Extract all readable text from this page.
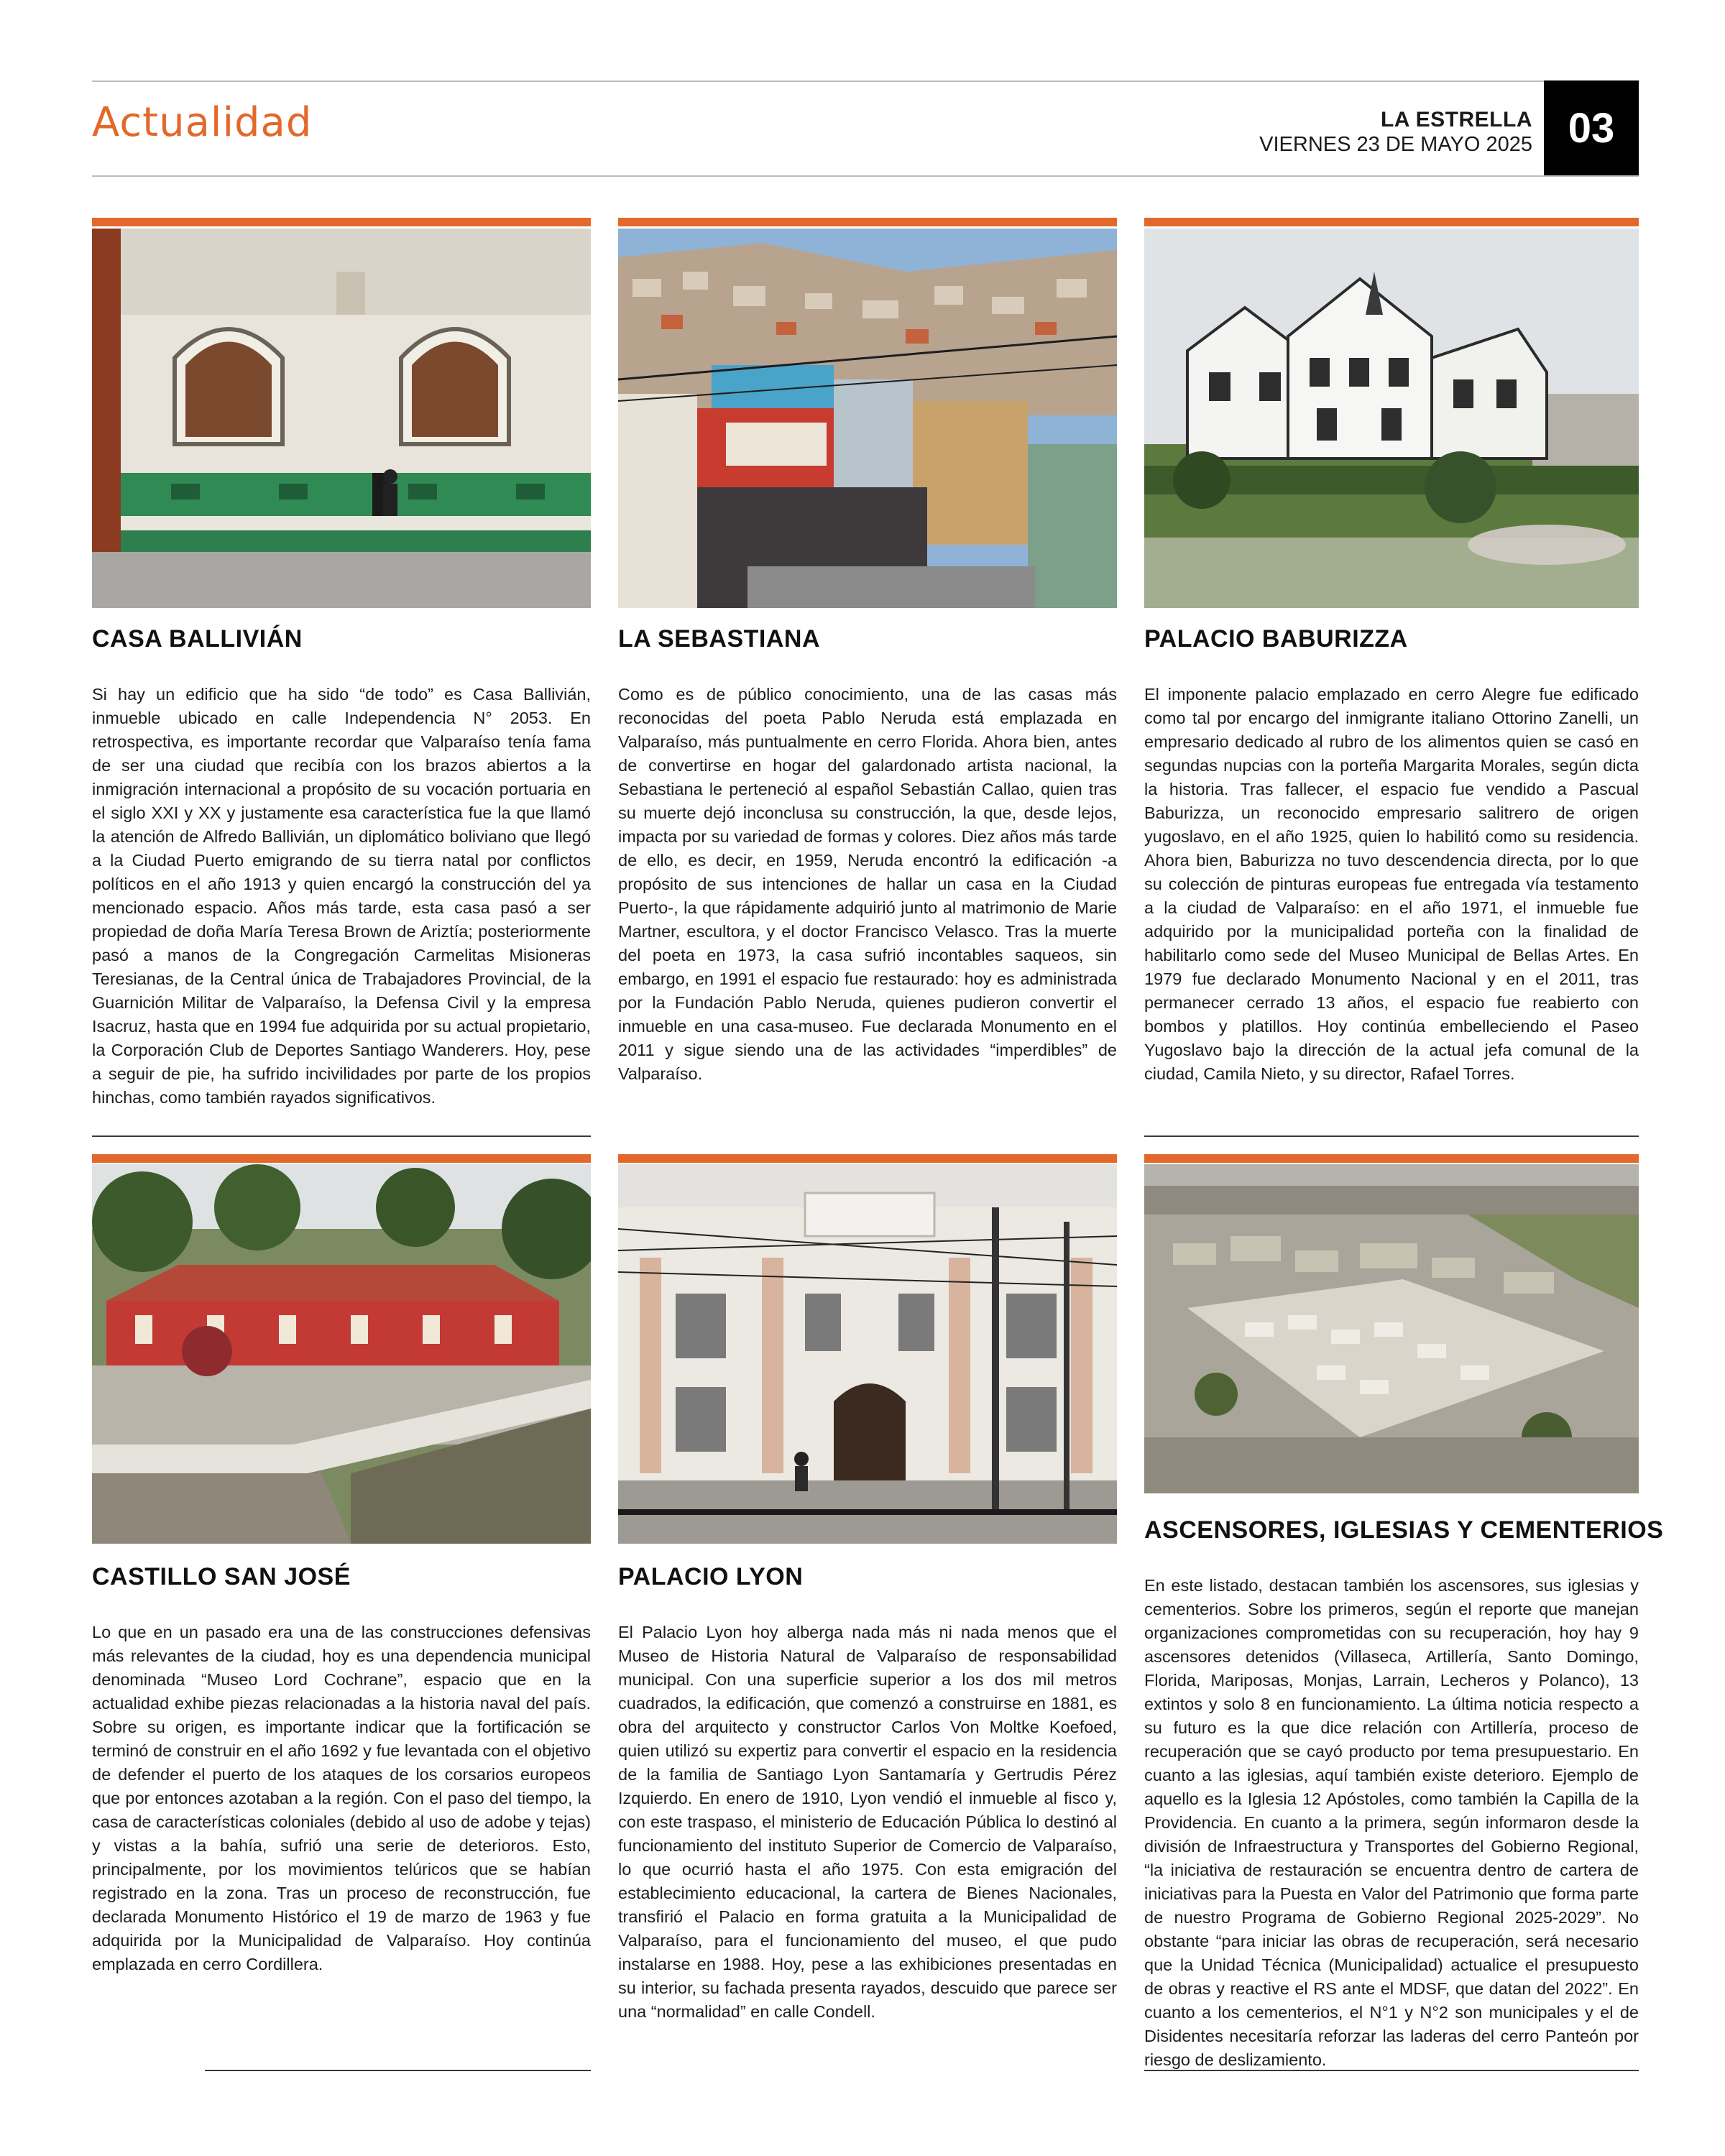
Actualidad	LA ESTRELLA
VIERNES 23 DE MAYO 2025 03
CASA BALLIVIÁN
Si hay un edificio que ha sido “de todo” es Casa Ballivián, inmueble ubicado en calle Independencia N° 2053. En retrospectiva, es importante recordar que Valparaíso tenía fama de ser una ciudad que recibía con los brazos abiertos a la inmigración internacional a propósito de su vocación portuaria en el siglo XXI y XX y justamente esa característica fue la que llamó la atención de Alfredo Ballivián, un diplomático boliviano que llegó a la Ciudad Puerto emigrando de su tierra natal por conflictos políticos en el año 1913 y quien encargó la construcción del ya mencionado espacio. Años más tarde, esta casa pasó a ser propiedad de doña María Teresa Brown de Ariztía; posteriormente pasó a manos de la Congregación Carmelitas Misioneras Teresianas, de la Central única de Trabajadores Provincial, de la Guarnición Militar de Valparaíso, la Defensa Civil y la empresa Isacruz, hasta que en 1994 fue adquirida por su actual propietario, la Corporación Club de Deportes Santiago Wanderers. Hoy, pese a seguir de pie, ha sufrido incivilidades por parte de los propios hinchas, como también rayados significativos.
LA SEBASTIANA
Como es de público conocimiento, una de las casas más reconocidas del poeta Pablo Neruda está emplazada en Valparaíso, más puntualmente en cerro Florida. Ahora bien, antes de convertirse en hogar del galardonado artista nacional, la Sebastiana le perteneció al español Sebastián Callao, quien tras su muerte dejó inconclusa su construcción, la que, desde lejos, impacta por su variedad de formas y colores. Diez años más tarde de ello, es decir, en 1959, Neruda encontró la edificación -a propósito de sus intenciones de hallar un casa en la Ciudad Puerto-, la que rápidamente adquirió junto al matrimonio de Marie Martner, escultora, y el doctor Francisco Velasco. Tras la muerte del poeta en 1973, la casa sufrió incontables saqueos, sin embargo, en 1991 el espacio fue restaurado: hoy es administrada por la Fundación Pablo Neruda, quienes pudieron convertir el inmueble en una casa-museo. Fue declarada Monumento en el 2011 y sigue siendo una de las actividades “imperdibles” de Valparaíso.
PALACIO BABURIZZA
El imponente palacio emplazado en cerro Alegre fue edificado como tal por encargo del inmigrante italiano Ottorino Zanelli, un empresario dedicado al rubro de los alimentos quien se casó en segundas nupcias con la porteña Margarita Morales, según dicta la historia. Tras fallecer, el espacio fue vendido a Pascual Baburizza, un reconocido empresario salitrero de origen yugoslavo, en el año 1925, quien lo habilitó como su residencia. Ahora bien, Baburizza no tuvo descendencia directa, por lo que su colección de pinturas europeas fue entregada vía testamento a la ciudad de Valparaíso: en el año 1971, el inmueble fue adquirido por la municipalidad porteña con la finalidad de habilitarlo como sede del Museo Municipal de Bellas Artes. En 1979 fue declarado Monumento Nacional y en el 2011, tras permanecer cerrado 13 años, el espacio fue reabierto con bombos y platillos. Hoy continúa embelleciendo el Paseo Yugoslavo bajo la dirección de la actual jefa comunal de la ciudad, Camila Nieto, y su director, Rafael Torres.
CASTILLO SAN JOSÉ
Lo que en un pasado era una de las construcciones defensivas más relevantes de la ciudad, hoy es una dependencia municipal denominada “Museo Lord Cochrane”, espacio que en la actualidad exhibe piezas relacionadas a la historia naval del país. Sobre su origen, es importante indicar que la fortificación se terminó de construir en el año 1692 y fue levantada con el objetivo de defender el puerto de los ataques de los corsarios europeos que por entonces azotaban a la región. Con el paso del tiempo, la casa de características coloniales (debido al uso de adobe y tejas) y vistas a la bahía, sufrió una serie de deterioros. Esto, principalmente, por los movimientos telúricos que se habían registrado en la zona. Tras un proceso de reconstrucción, fue declarada Monumento Histórico el 19 de marzo de 1963 y fue adquirida por la Municipalidad de Valparaíso. Hoy continúa emplazada en cerro Cordillera.
PALACIO LYON
El Palacio Lyon hoy alberga nada más ni nada menos que el Museo de Historia Natural de Valparaíso de responsabilidad municipal. Con una superficie superior a los dos mil metros cuadrados, la edificación, que comenzó a construirse en 1881, es obra del arquitecto y constructor Carlos Von Moltke Koefoed, quien utilizó su expertiz para convertir el espacio en la residencia de la familia de Santiago Lyon Santamaría y Gertrudis Pérez Izquierdo. En enero de 1910, Lyon vendió el inmueble al fisco y, con este traspaso, el ministerio de Educación Pública lo destinó al funcionamiento del instituto Superior de Comercio de Valparaíso, lo que ocurrió hasta el año 1975. Con esta emigración del establecimiento educacional, la cartera de Bienes Nacionales, transfirió el Palacio en forma gratuita a la Municipalidad de Valparaíso, para el funcionamiento del museo, el que pudo instalarse en 1988. Hoy, pese a las exhibiciones presentadas en su interior, su fachada presenta rayados, descuido que parece ser una “normalidad” en calle Condell.
ASCENSORES, IGLESIAS Y CEMENTERIOS
En este listado, destacan también los ascensores, sus iglesias y cementerios. Sobre los primeros, según el reporte que manejan organizaciones comprometidas con su recuperación, hoy hay 9 ascensores detenidos (Villaseca, Artillería, Santo Domingo, Florida, Mariposas, Monjas, Larrain, Lecheros y Polanco), 13 extintos y solo 8 en funcionamiento. La última noticia respecto a su futuro es la que dice relación con Artillería, proceso de recuperación que se cayó producto por tema presupuestario. En cuanto a las iglesias, aquí también existe deterioro. Ejemplo de aquello es la Iglesia 12 Apóstoles, como también la Capilla de la Providencia. En cuanto a la primera, según informaron desde la división de Infraestructura y Transportes del Gobierno Regional, “la iniciativa de restauración se encuentra dentro de cartera de iniciativas para la Puesta en Valor del Patrimonio que forma parte de nuestro Programa de Gobierno Regional 2025-2029”. No obstante “para iniciar las obras de recuperación, será necesario que la Unidad Técnica (Municipalidad) actualice el presupuesto de obras y reactive el RS ante el MDSF, que datan del 2022”. En cuanto a los cementerios, el N°1 y N°2 son municipales y el de Disidentes necesitaría reforzar las laderas del cerro Panteón por riesgo de deslizamiento.
